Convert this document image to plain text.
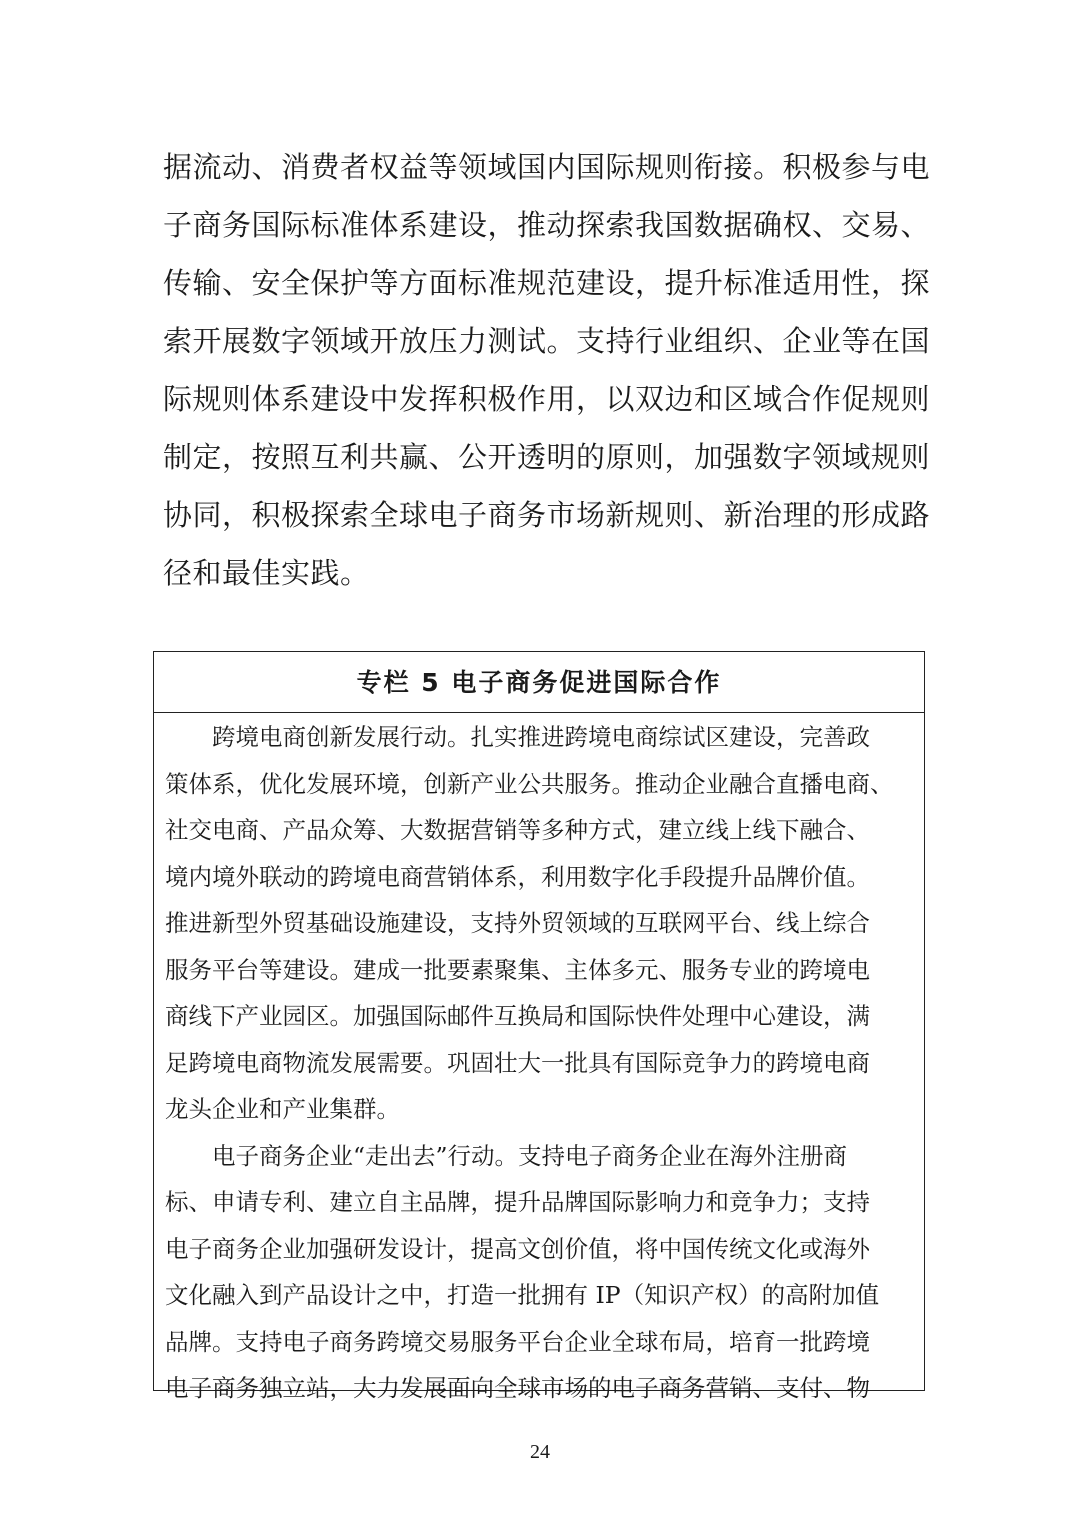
据流动、消费者权益等领域国内国际规则衔接。积极参与电
子商务国际标准体系建设，推动探索我国数据确权、交易、
传输、安全保护等方面标准规范建设，提升标准适用性，探
索开展数字领域开放压力测试。支持行业组织、企业等在国
际规则体系建设中发挥积极作用，以双边和区域合作促规则
制定，按照互利共赢、公开透明的原则，加强数字领域规则
协同，积极探索全球电子商务市场新规则、新治理的形成路
径和最佳实践。
专栏 5 电子商务促进国际合作
跨境电商创新发展行动。扎实推进跨境电商综试区建设，完善政
策体系，优化发展环境，创新产业公共服务。推动企业融合直播电商、
社交电商、产品众筹、大数据营销等多种方式，建立线上线下融合、
境内境外联动的跨境电商营销体系，利用数字化手段提升品牌价值。
推进新型外贸基础设施建设，支持外贸领域的互联网平台、线上综合
服务平台等建设。建成一批要素聚集、主体多元、服务专业的跨境电
商线下产业园区。加强国际邮件互换局和国际快件处理中心建设，满
足跨境电商物流发展需要。巩固壮大一批具有国际竞争力的跨境电商
龙头企业和产业集群。
电子商务企业“走出去”行动。支持电子商务企业在海外注册商
标、申请专利、建立自主品牌，提升品牌国际影响力和竞争力；支持
电子商务企业加强研发设计，提高文创价值，将中国传统文化或海外
文化融入到产品设计之中，打造一批拥有 IP（知识产权）的高附加值
品牌。支持电子商务跨境交易服务平台企业全球布局，培育一批跨境
电子商务独立站，大力发展面向全球市场的电子商务营销、支付、物
24
